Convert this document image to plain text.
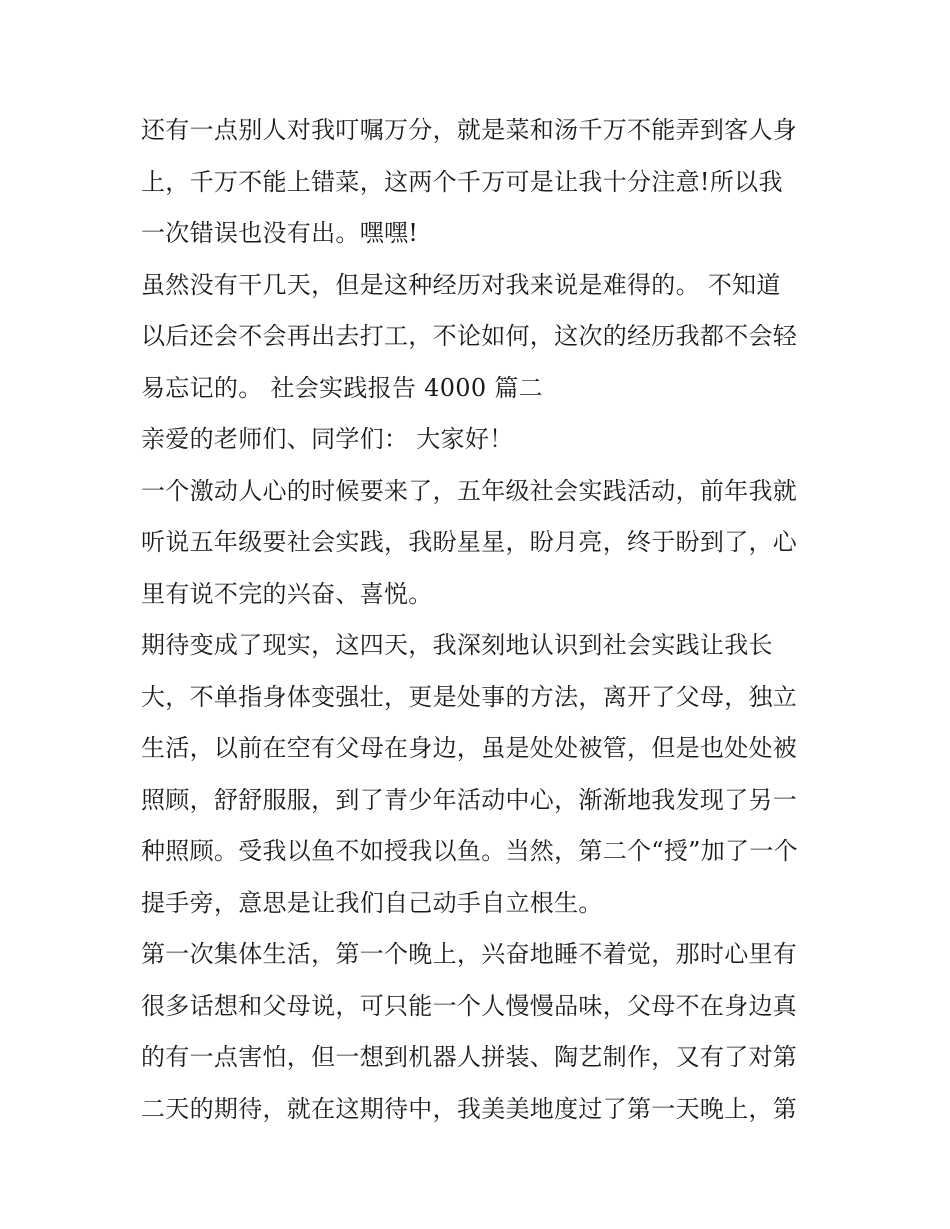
还有一点别人对我叮嘱万分，就是菜和汤千万不能弄到客人身
上，千万不能上错菜，这两个千万可是让我十分注意!所以我
一次错误也没有出。嘿嘿!
虽然没有干几天，但是这种经历对我来说是难得的。 不知道
以后还会不会再出去打工，不论如何，这次的经历我都不会轻
易忘记的。 社会实践报告 4000 篇二
亲爱的老师们、同学们： 大家好！
一个激动人心的时候要来了，五年级社会实践活动，前年我就
听说五年级要社会实践，我盼星星，盼月亮，终于盼到了，心
里有说不完的兴奋、喜悦。
期待变成了现实，这四天，我深刻地认识到社会实践让我长
大，不单指身体变强壮，更是处事的方法，离开了父母，独立
生活，以前在空有父母在身边，虽是处处被管，但是也处处被
照顾，舒舒服服，到了青少年活动中心，渐渐地我发现了另一
种照顾。受我以鱼不如授我以鱼。当然，第二个“授”加了一个
提手旁，意思是让我们自己动手自立根生。
第一次集体生活，第一个晚上，兴奋地睡不着觉，那时心里有
很多话想和父母说，可只能一个人慢慢品味，父母不在身边真
的有一点害怕，但一想到机器人拼装、陶艺制作，又有了对第
二天的期待，就在这期待中，我美美地度过了第一天晚上，第
